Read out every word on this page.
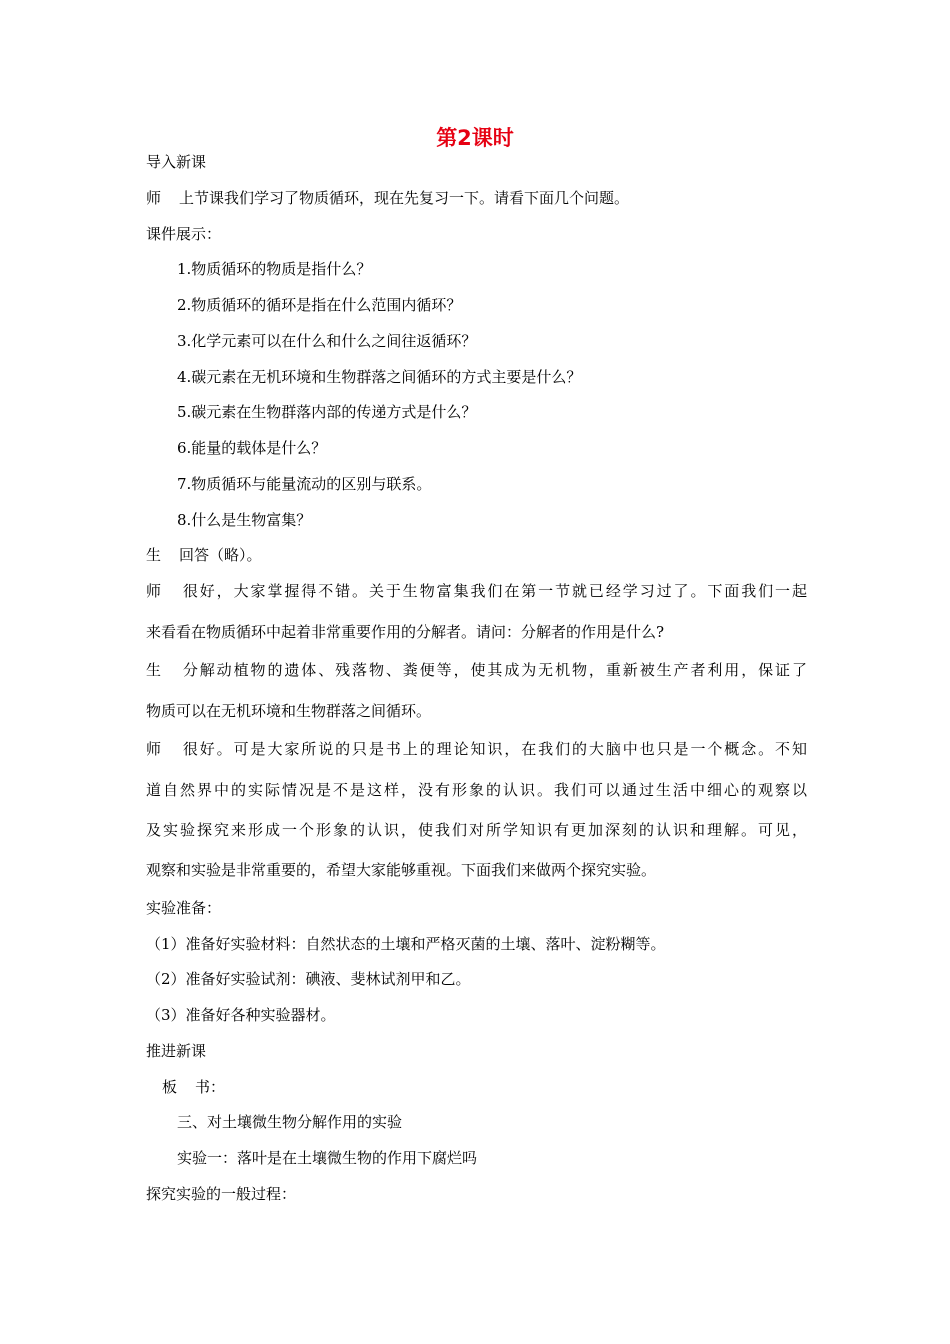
第2课时
导入新课
师 上节课我们学习了物质循环，现在先复习一下。请看下面几个问题。
课件展示：
1.物质循环的物质是指什么？
2.物质循环的循环是指在什么范围内循环？
3.化学元素可以在什么和什么之间往返循环？
4.碳元素在无机环境和生物群落之间循环的方式主要是什么？
5.碳元素在生物群落内部的传递方式是什么？
6.能量的载体是什么？
7.物质循环与能量流动的区别与联系。
8.什么是生物富集？
生 回答（略）。
师 很好，大家掌握得不错。关于生物富集我们在第一节就已经学习过了。下面我们一起
来看看在物质循环中起着非常重要作用的分解者。请问：分解者的作用是什么?
生 分解动植物的遗体、残落物、粪便等，使其成为无机物，重新被生产者利用，保证了
物质可以在无机环境和生物群落之间循环。
师 很好。可是大家所说的只是书上的理论知识，在我们的大脑中也只是一个概念。不知
道自然界中的实际情况是不是这样，没有形象的认识。我们可以通过生活中细心的观察以
及实验探究来形成一个形象的认识，使我们对所学知识有更加深刻的认识和理解。可见，
观察和实验是非常重要的，希望大家能够重视。下面我们来做两个探究实验。
实验准备：
（1）准备好实验材料：自然状态的土壤和严格灭菌的土壤、落叶、淀粉糊等。
（2）准备好实验试剂：碘液、斐林试剂甲和乙。
（3）准备好各种实验器材。
推进新课
板 书：
三、对土壤微生物分解作用的实验
实验一：落叶是在土壤微生物的作用下腐烂吗
探究实验的一般过程：
